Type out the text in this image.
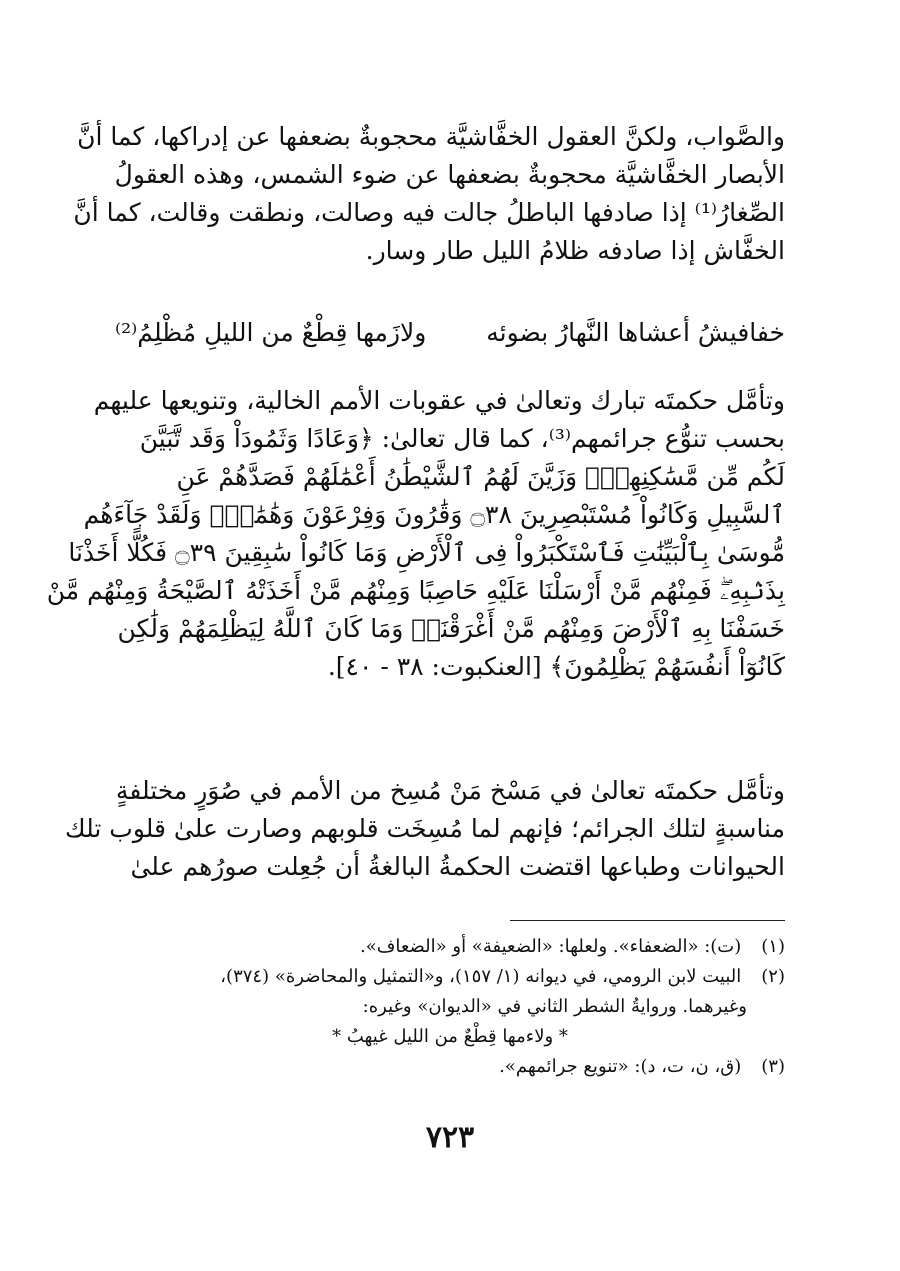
والصَّواب، ولكنَّ العقول الخفَّاشيَّة محجوبةٌ بضعفها عن إدراكها، كما أنَّ

الأبصار الخفَّاشيَّة محجوبةٌ بضعفها عن ضوء الشمس، وهذه العقولُ

الصِّغارُ⁽¹⁾ إذا صادفها الباطلُ جالت فيه وصالت، ونطقت وقالت، كما أنَّ

الخفَّاش إذا صادفه ظلامُ الليل طار وسار.

خفافيشُ أعشاها النَّهارُ بضوئه
ولازَمها قِطْعٌ من الليلِ مُظْلِمُ⁽²⁾

وتأمَّل حكمتَه تبارك وتعالىٰ في عقوبات الأمم الخالية، وتنويعها عليهم

بحسب تنوُّع جرائمهم⁽³⁾، كما قال تعالىٰ: ﴿وَعَادًا وَثَمُودَاْ وَقَد تَّبَيَّنَ

لَكُم مِّن مَّسَٰكِنِهِمْۖ وَزَيَّنَ لَهُمُ ٱلشَّيْطَٰنُ أَعْمَٰلَهُمْ فَصَدَّهُمْ عَنِ

ٱلسَّبِيلِ وَكَانُواْ مُسْتَبْصِرِينَ ۝٣٨ وَقَٰرُونَ وَفِرْعَوْنَ وَهَٰمَٰنَۖ وَلَقَدْ جَآءَهُم

مُّوسَىٰ بِٱلْبَيِّنَٰتِ فَٱسْتَكْبَرُواْ فِى ٱلْأَرْضِ وَمَا كَانُواْ سَٰبِقِينَ ۝٣٩ فَكُلًّا أَخَذْنَا

بِذَنۢبِهِۦۖ فَمِنْهُم مَّنْ أَرْسَلْنَا عَلَيْهِ حَاصِبًا وَمِنْهُم مَّنْ أَخَذَتْهُ ٱلصَّيْحَةُ وَمِنْهُم مَّنْ

خَسَفْنَا بِهِ ٱلْأَرْضَ وَمِنْهُم مَّنْ أَغْرَقْنَاۚ وَمَا كَانَ ٱللَّهُ لِيَظْلِمَهُمْ وَلَٰكِن

كَانُوٓاْ أَنفُسَهُمْ يَظْلِمُونَ﴾ [العنكبوت: ٣٨ - ٤٠].

وتأمَّل حكمتَه تعالىٰ في مَسْخ مَنْ مُسِخ من الأمم في صُوَرٍ مختلفةٍ

مناسبةٍ لتلك الجرائم؛ فإنهم لما مُسِخَت قلوبهم وصارت علىٰ قلوب تلك

الحيوانات وطباعها اقتضت الحكمةُ البالغةُ أن جُعِلت صورُهم علىٰ

(١) (ت): «الضعفاء». ولعلها: «الضعيفة» أو «الضعاف».
(٢) البيت لابن الرومي، في ديوانه (١/ ١٥٧)، و«التمثيل والمحاضرة» (٣٧٤)،
وغيرهما. وروايةُ الشطر الثاني في «الديوان» وغيره:
* ولاءمها قِطْعٌ من الليل غيهبُ *
(٣) (ق، ن، ت، د): «تنويع جرائمهم».
٧٢٣
